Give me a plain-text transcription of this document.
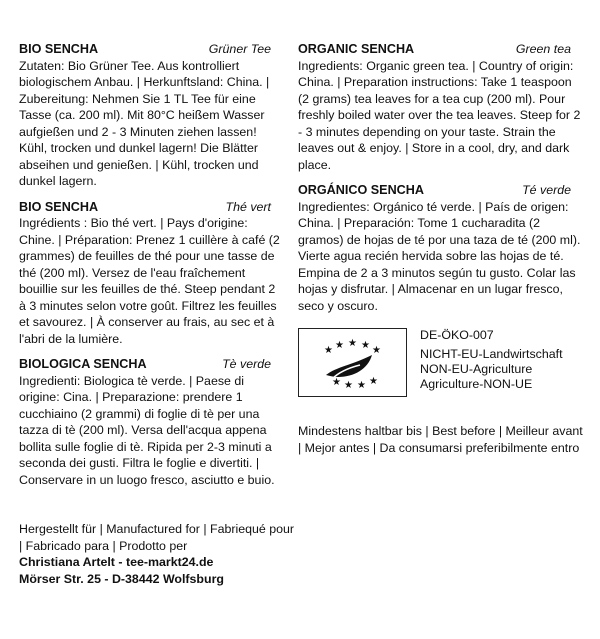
BIO SENCHA	Grüner Tee

Zutaten: Bio Grüner Tee. Aus kontrolliert biologischem Anbau. | Herkunftsland: China. | Zubereitung: Nehmen Sie 1 TL Tee für eine Tasse (ca. 200 ml). Mit 80°C heißem Wasser aufgießen und 2 - 3 Minuten ziehen lassen! Kühl, trocken und dunkel lagern! Die Blätter abseihen und genießen. | Kühl, trocken und dunkel lagern.

BIO SENCHA	Thé vert

Ingrédients : Bio thé vert. | Pays d'origine: Chine. | Préparation: Prenez 1 cuillère à café (2 grammes) de feuilles de thé pour une tasse de thé (200 ml). Versez de l'eau fraîchement bouillie sur les feuilles de thé. Steep pendant 2 à 3 minutes selon votre goût. Filtrez les feuilles et savourez. | À conserver au frais, au sec et à l'abri de la lumière.

BIOLOGICA SENCHA	Tè verde

Ingredienti: Biologica tè verde. | Paese di origine: Cina. | Preparazione: prendere 1 cucchiaino (2 grammi) di foglie di tè per una tazza di tè (200 ml). Versa dell'acqua appena bollita sulle foglie di tè. Ripida per 2-3 minuti a seconda dei gusti. Filtra le foglie e divertiti. | Conservare in un luogo fresco, asciutto e buio.

Hergestellt für | Manufactured for | Fabriequé pour | Fabricado para | Prodotto per
Christiana Artelt - tee-markt24.de
Mörser Str. 25 - D-38442 Wolfsburg
ORGANIC SENCHA	Green tea

Ingredients: Organic green tea. | Country of origin: China. | Preparation instructions: Take 1 teaspoon (2 grams) tea leaves for a tea cup (200 ml). Pour freshly boiled water over the tea leaves. Steep for 2 - 3 minutes depending on your taste. Strain the leaves out & enjoy. | Store in a cool, dry, and dark place.

ORGÁNICO SENCHA	Té verde

Ingredientes: Orgánico té verde. | País de origen: China. | Preparación: Tome 1 cucharadita (2 gramos) de hojas de té por una taza de té (200 ml). Vierte agua recién hervida sobre las hojas de té. Empina de 2 a 3 minutos según tu gusto. Colar las hojas y disfrutar. | Almacenar en un lugar fresco, seco y oscuro.

★ ★ ★ ★ ★
★ ★ ★ ★
DE-ÖKO-007
NICHT-EU-Landwirtschaft
NON-EU-Agriculture
Agriculture-NON-UE
Mindestens haltbar bis | Best before | Meilleur avant | Mejor antes | Da consumarsi preferibilmente entro
